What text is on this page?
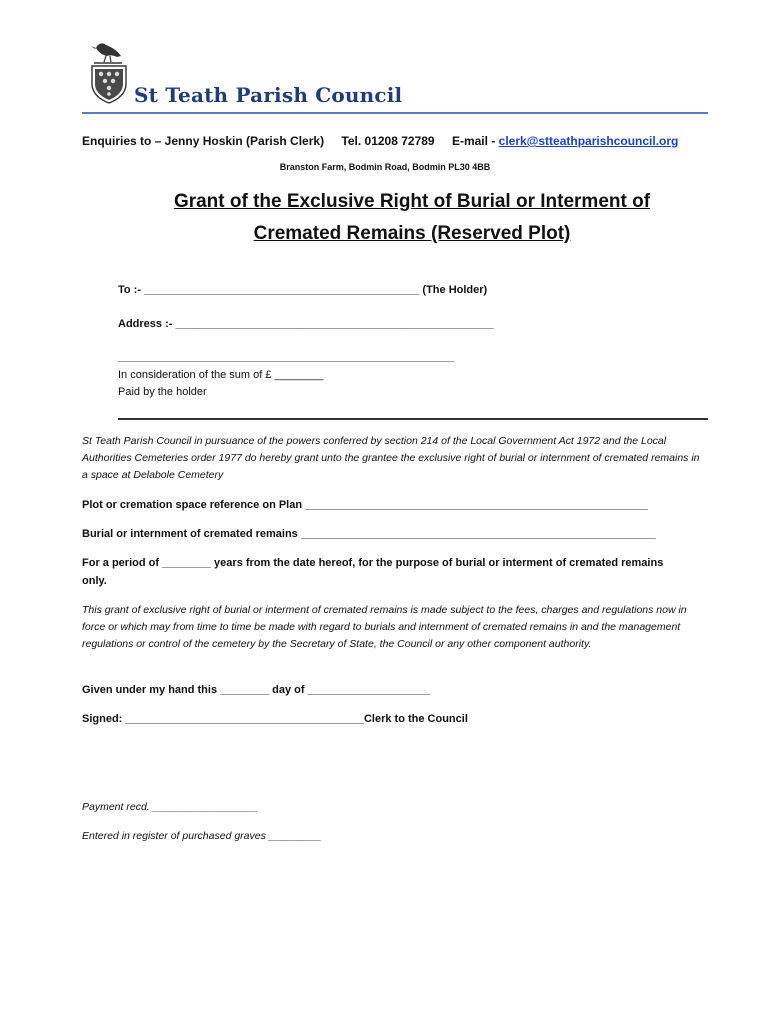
St Teath Parish Council
Enquiries to – Jenny Hoskin (Parish Clerk) Tel. 01208 72789 E-mail - clerk@stteathparishcouncil.org
Branston Farm, Bodmin Road, Bodmin PL30 4BB
Grant of the Exclusive Right of Burial or Interment of
Cremated Remains (Reserved Plot)
To :- _____________________________________________ (The Holder)
Address :- ____________________________________________________
_______________________________________________________
In consideration of the sum of £ ________
Paid by the holder
St Teath Parish Council in pursuance of the powers conferred by section 214 of the Local Government Act 1972 and the Local Authorities Cemeteries order 1977 do hereby grant unto the grantee the exclusive right of burial or internment of cremated remains in a space at Delabole Cemetery
Plot or cremation space reference on Plan ________________________________________________________
Burial or internment of cremated remains __________________________________________________________
For a period of ________ years from the date hereof, for the purpose of burial or interment of cremated remains
only.
This grant of exclusive right of burial or interment of cremated remains is made subject to the fees, charges and regulations now in force or which may from time to time be made with regard to burials and internment of cremated remains in and the management regulations or control of the cemetery by the Secretary of State, the Council or any other component authority.
Given under my hand this ________ day of ____________________
Signed: _______________________________________Clerk to the Council
Payment recd. __________________
Entered in register of purchased graves _________
